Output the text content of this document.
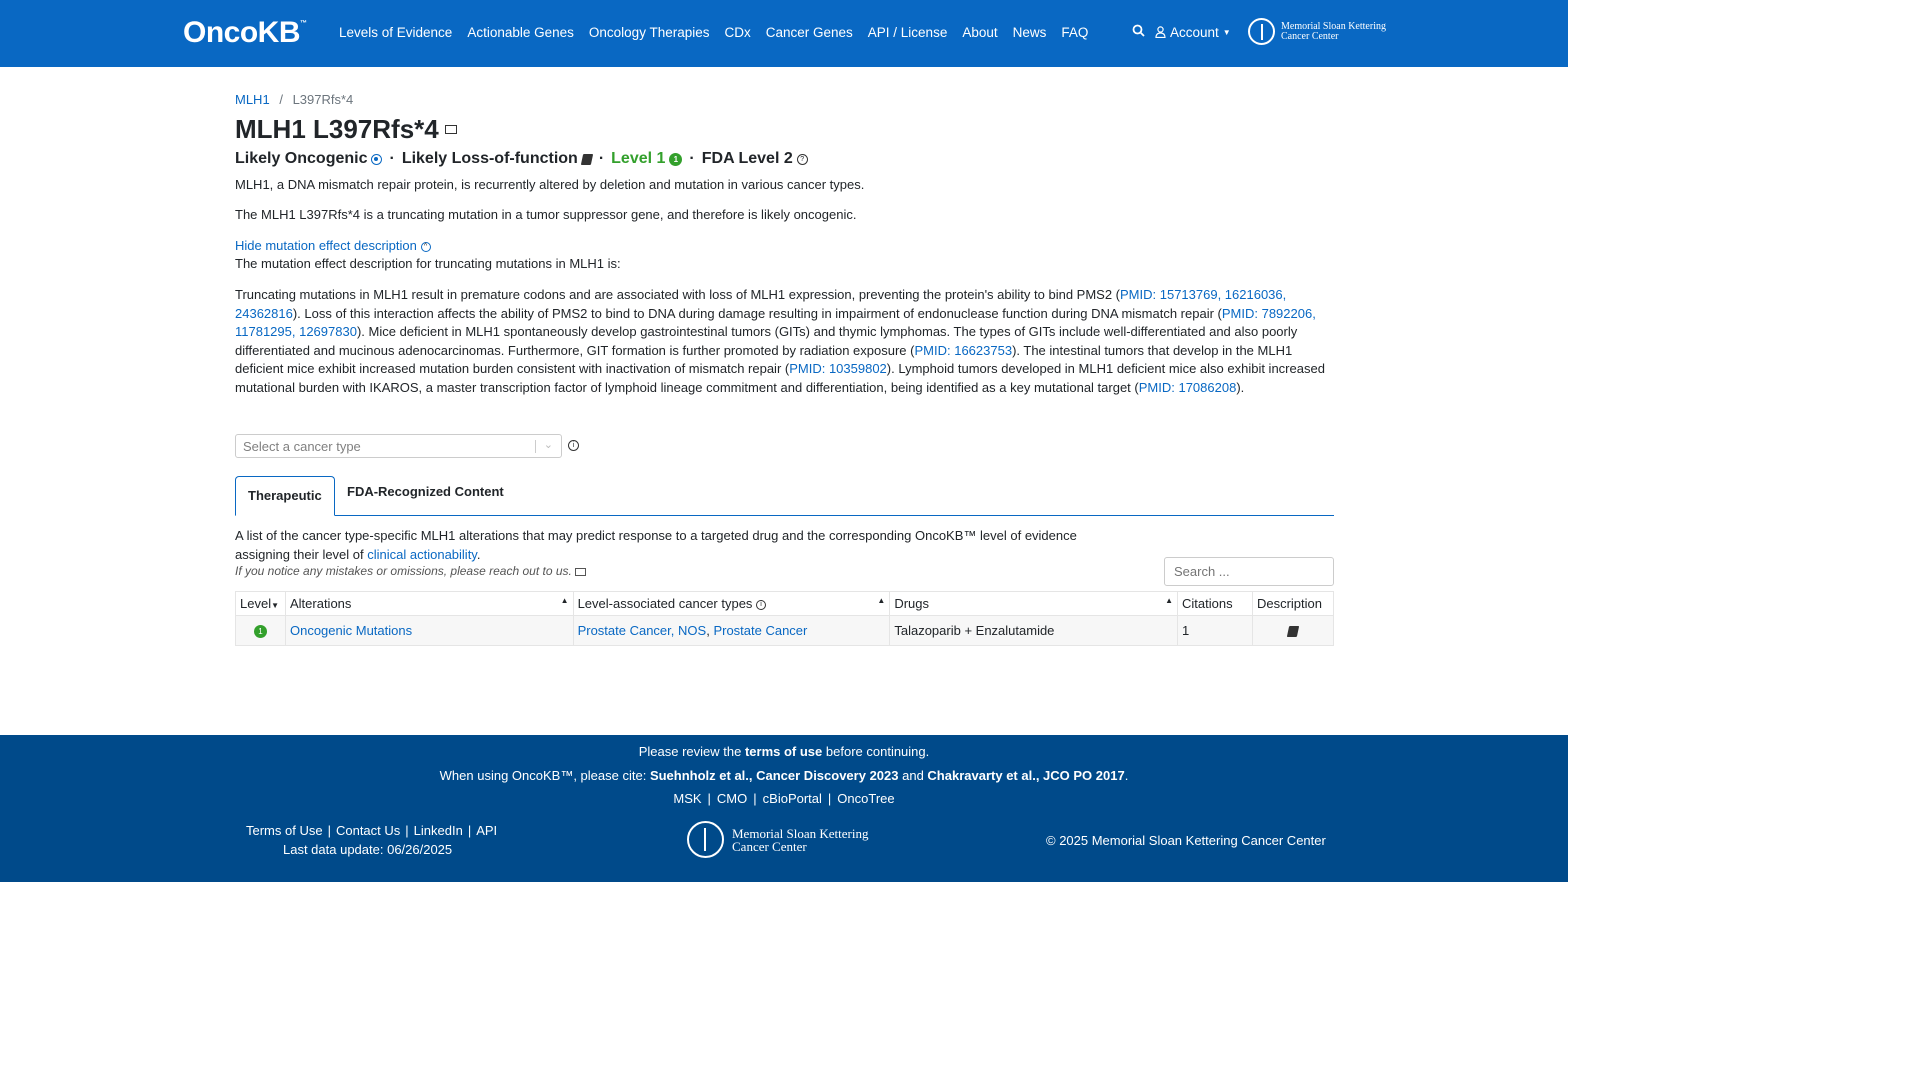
OncoKB™
Levels of Evidence Actionable Genes Oncology Therapies CDx Cancer Genes API / License About News FAQ	Account ▼
Memorial Sloan Kettering
Cancer Center
MLH1 / L397Rfs*4
MLH1 L397Rfs*4
Likely Oncogenic · Likely Loss-of-function · Level 1	1 · FDA Level 2	?
MLH1, a DNA mismatch repair protein, is recurrently altered by deletion and mutation in various cancer types.
The MLH1 L397Rfs*4 is a truncating mutation in a tumor suppressor gene, and therefore is likely oncogenic.
Hide mutation effect description ^
The mutation effect description for truncating mutations in MLH1 is:
Truncating mutations in MLH1 result in premature codons and are associated with loss of MLH1 expression, preventing the protein's ability to bind PMS2 (PMID: 15713769, 16216036, 24362816). Loss of this interaction affects the ability of PMS2 to bind to DNA during damage resulting in impairment of endonuclease function during DNA mismatch repair (PMID: 7892206, 11781295, 12697830). Mice deficient in MLH1 spontaneously develop gastrointestinal tumors (GITs) and thymic lymphomas. The types of GITs include well-differentiated and also poorly differentiated and mucinous adenocarcinomas. Furthermore, GIT formation is further promoted by radiation exposure (PMID: 16623753). The intestinal tumors that develop in the MLH1 deficient mice exhibit increased mutation burden consistent with inactivation of mismatch repair (PMID: 10359802). Lymphoid tumors developed in MLH1 deficient mice also exhibit increased mutational burden with IKAROS, a master transcription factor of lymphoid lineage commitment and differentiation, being identified as a key mutational target (PMID: 17086208).
Select a cancer type	⌄	i
Therapeutic	FDA-Recognized Content
A list of the cancer type-specific MLH1 alterations that may predict response to a targeted drug and the corresponding OncoKB™ level of evidence assigning their level of clinical actionability.
If you notice any mistakes or omissions, please reach out to us.
Search ...
Level▼	Alterations ▲	Level-associated cancer types i ▲	Drugs ▲	Citations	Description
1	Oncogenic Mutations	Prostate Cancer, NOS, Prostate Cancer	Talazoparib + Enzalutamide	1	
Please review the terms of use before continuing.
When using OncoKB™, please cite: Suehnholz et al., Cancer Discovery 2023 and Chakravarty et al., JCO PO 2017.
MSK | CMO | cBioPortal | OncoTree
Terms of Use | Contact Us | LinkedIn | API
Last data update: 06/26/2025
Memorial Sloan Kettering
Cancer Center	© 2025 Memorial Sloan Kettering Cancer Center
